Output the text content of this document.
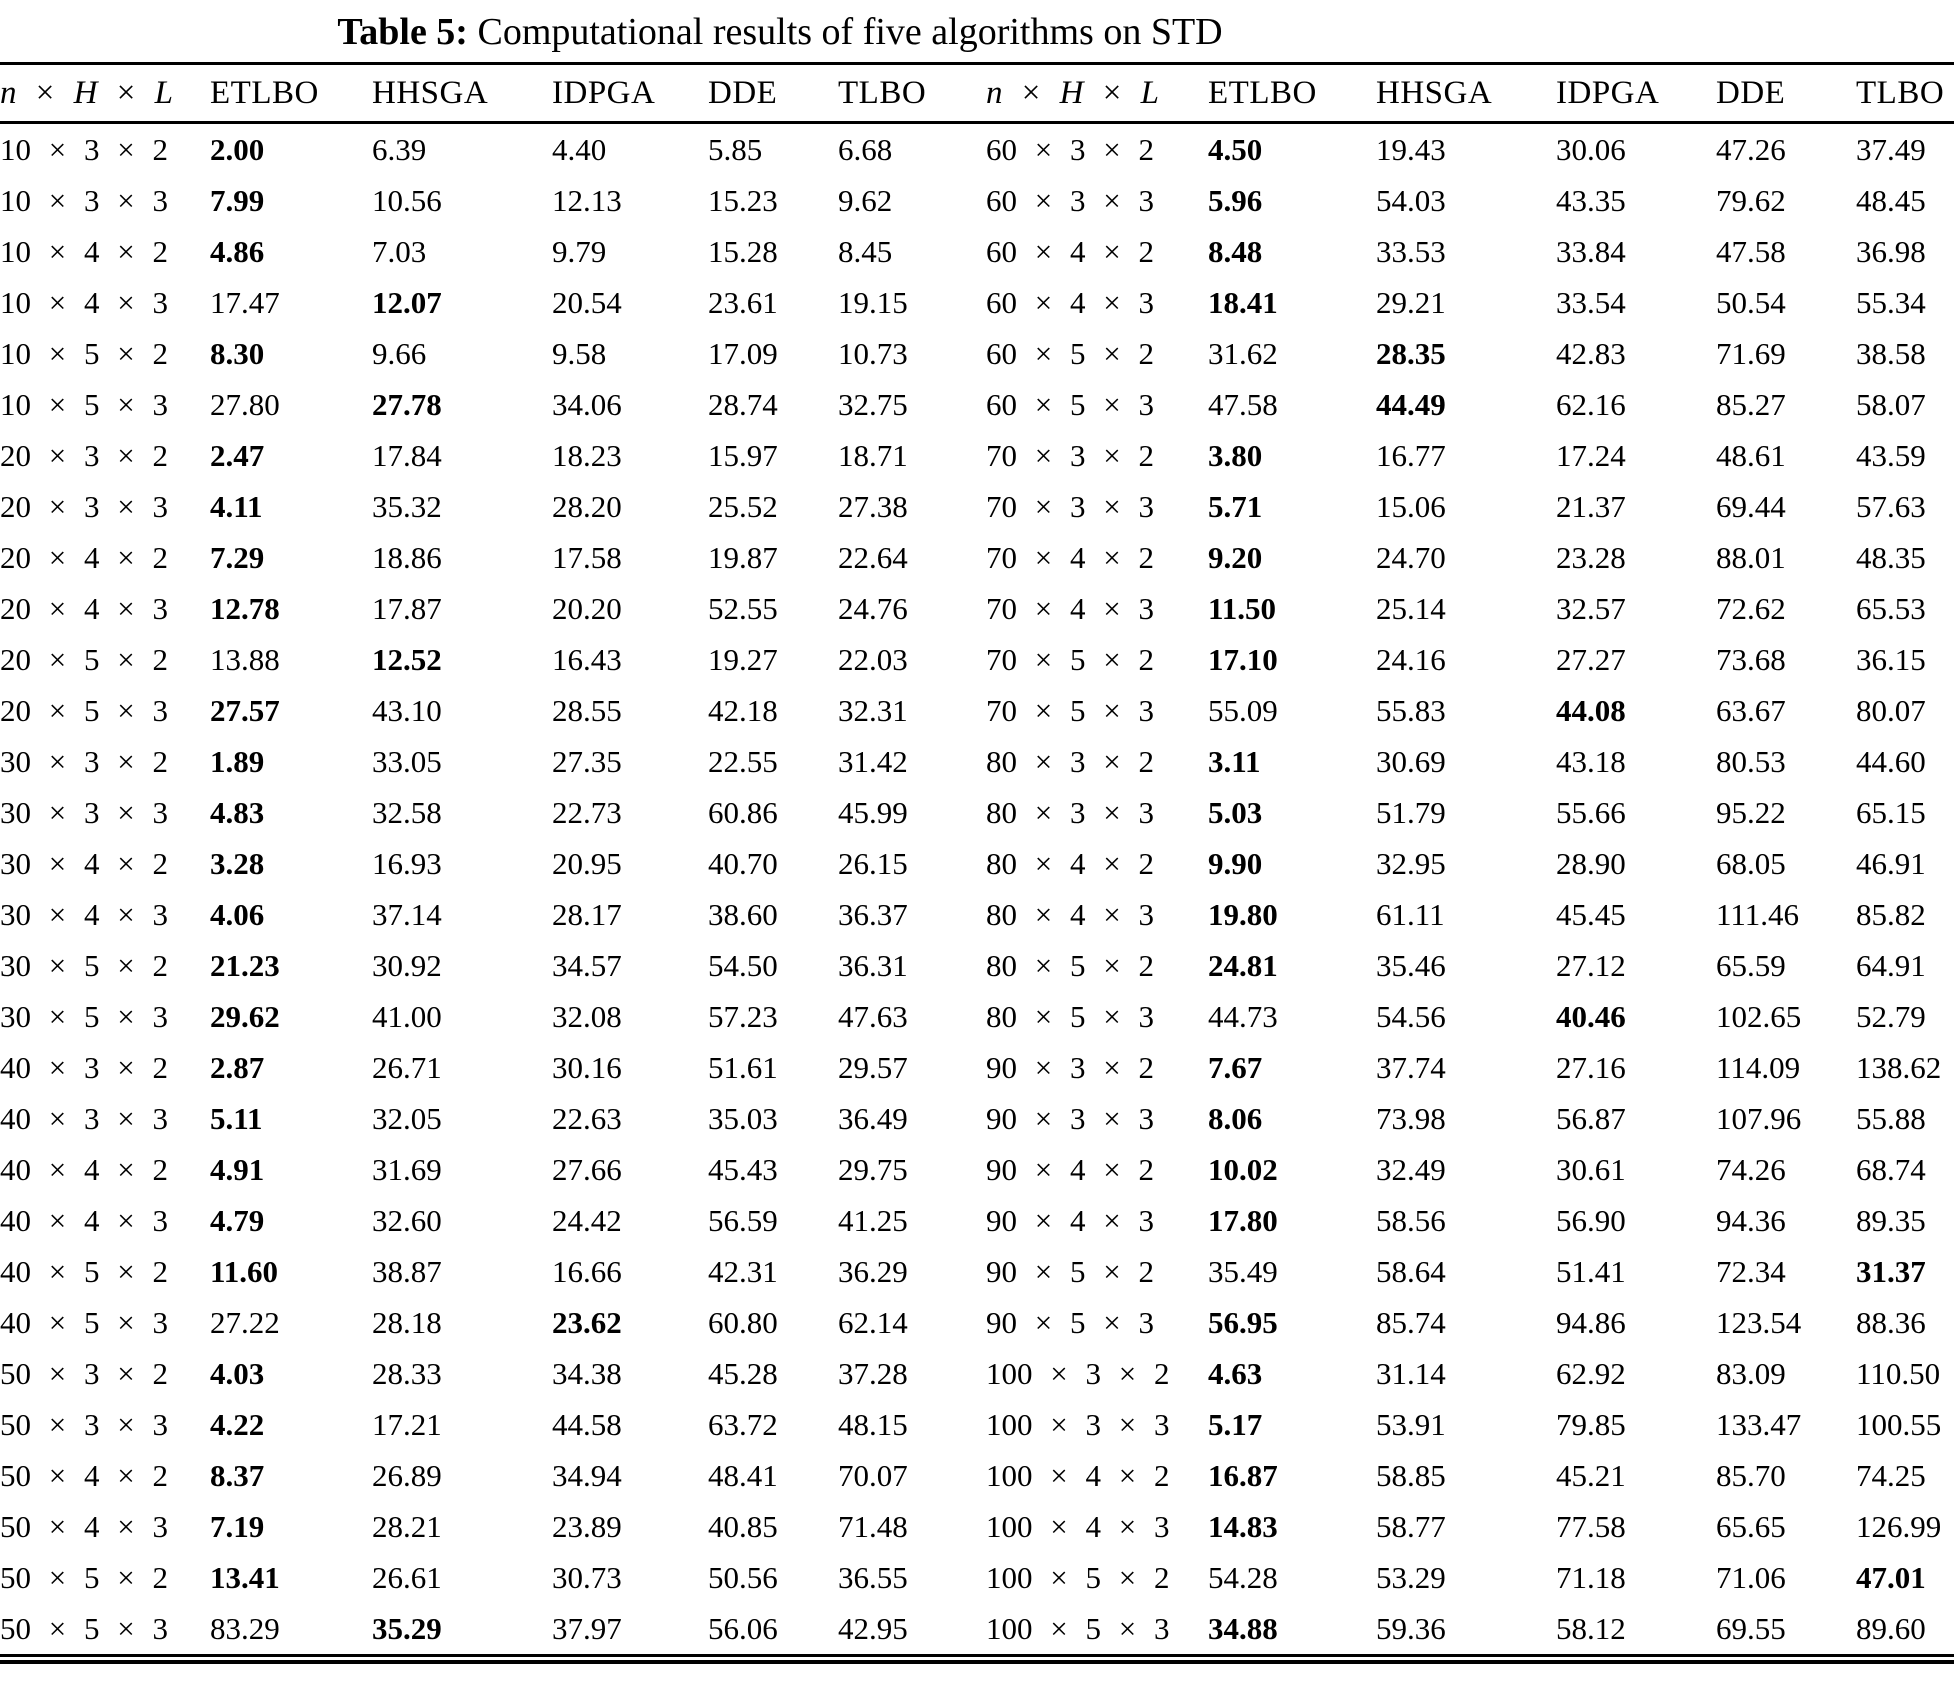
Table 5: Computational results of five algorithms on STD
n × H × L	ETLBO	HHSGA	IDPGA	DDE	TLBO	n × H × L	ETLBO	HHSGA	IDPGA	DDE	TLBO
10 × 3 × 2	2.00	6.39	4.40	5.85	6.68	60 × 3 × 2	4.50	19.43	30.06	47.26	37.49
10 × 3 × 3	7.99	10.56	12.13	15.23	9.62	60 × 3 × 3	5.96	54.03	43.35	79.62	48.45
10 × 4 × 2	4.86	7.03	9.79	15.28	8.45	60 × 4 × 2	8.48	33.53	33.84	47.58	36.98
10 × 4 × 3	17.47	12.07	20.54	23.61	19.15	60 × 4 × 3	18.41	29.21	33.54	50.54	55.34
10 × 5 × 2	8.30	9.66	9.58	17.09	10.73	60 × 5 × 2	31.62	28.35	42.83	71.69	38.58
10 × 5 × 3	27.80	27.78	34.06	28.74	32.75	60 × 5 × 3	47.58	44.49	62.16	85.27	58.07
20 × 3 × 2	2.47	17.84	18.23	15.97	18.71	70 × 3 × 2	3.80	16.77	17.24	48.61	43.59
20 × 3 × 3	4.11	35.32	28.20	25.52	27.38	70 × 3 × 3	5.71	15.06	21.37	69.44	57.63
20 × 4 × 2	7.29	18.86	17.58	19.87	22.64	70 × 4 × 2	9.20	24.70	23.28	88.01	48.35
20 × 4 × 3	12.78	17.87	20.20	52.55	24.76	70 × 4 × 3	11.50	25.14	32.57	72.62	65.53
20 × 5 × 2	13.88	12.52	16.43	19.27	22.03	70 × 5 × 2	17.10	24.16	27.27	73.68	36.15
20 × 5 × 3	27.57	43.10	28.55	42.18	32.31	70 × 5 × 3	55.09	55.83	44.08	63.67	80.07
30 × 3 × 2	1.89	33.05	27.35	22.55	31.42	80 × 3 × 2	3.11	30.69	43.18	80.53	44.60
30 × 3 × 3	4.83	32.58	22.73	60.86	45.99	80 × 3 × 3	5.03	51.79	55.66	95.22	65.15
30 × 4 × 2	3.28	16.93	20.95	40.70	26.15	80 × 4 × 2	9.90	32.95	28.90	68.05	46.91
30 × 4 × 3	4.06	37.14	28.17	38.60	36.37	80 × 4 × 3	19.80	61.11	45.45	111.46	85.82
30 × 5 × 2	21.23	30.92	34.57	54.50	36.31	80 × 5 × 2	24.81	35.46	27.12	65.59	64.91
30 × 5 × 3	29.62	41.00	32.08	57.23	47.63	80 × 5 × 3	44.73	54.56	40.46	102.65	52.79
40 × 3 × 2	2.87	26.71	30.16	51.61	29.57	90 × 3 × 2	7.67	37.74	27.16	114.09	138.62
40 × 3 × 3	5.11	32.05	22.63	35.03	36.49	90 × 3 × 3	8.06	73.98	56.87	107.96	55.88
40 × 4 × 2	4.91	31.69	27.66	45.43	29.75	90 × 4 × 2	10.02	32.49	30.61	74.26	68.74
40 × 4 × 3	4.79	32.60	24.42	56.59	41.25	90 × 4 × 3	17.80	58.56	56.90	94.36	89.35
40 × 5 × 2	11.60	38.87	16.66	42.31	36.29	90 × 5 × 2	35.49	58.64	51.41	72.34	31.37
40 × 5 × 3	27.22	28.18	23.62	60.80	62.14	90 × 5 × 3	56.95	85.74	94.86	123.54	88.36
50 × 3 × 2	4.03	28.33	34.38	45.28	37.28	100 × 3 × 2	4.63	31.14	62.92	83.09	110.50
50 × 3 × 3	4.22	17.21	44.58	63.72	48.15	100 × 3 × 3	5.17	53.91	79.85	133.47	100.55
50 × 4 × 2	8.37	26.89	34.94	48.41	70.07	100 × 4 × 2	16.87	58.85	45.21	85.70	74.25
50 × 4 × 3	7.19	28.21	23.89	40.85	71.48	100 × 4 × 3	14.83	58.77	77.58	65.65	126.99
50 × 5 × 2	13.41	26.61	30.73	50.56	36.55	100 × 5 × 2	54.28	53.29	71.18	71.06	47.01
50 × 5 × 3	83.29	35.29	37.97	56.06	42.95	100 × 5 × 3	34.88	59.36	58.12	69.55	89.60
